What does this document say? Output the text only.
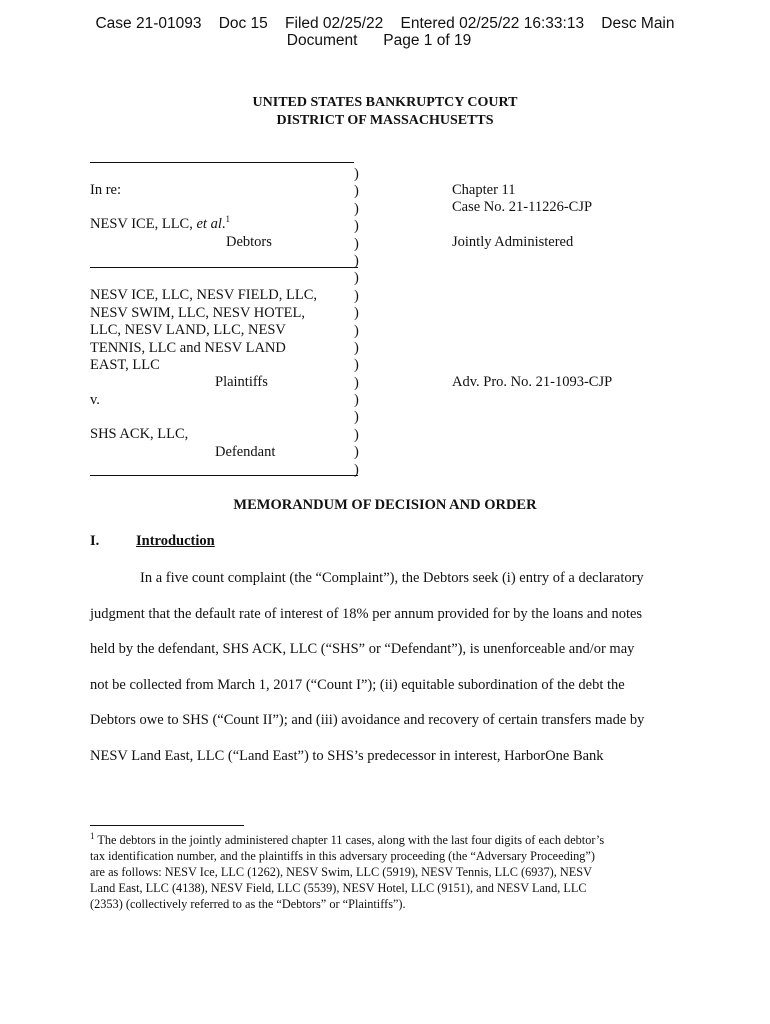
Case 21-01093    Doc 15    Filed 02/25/22    Entered 02/25/22 16:33:13    Desc Main
Document      Page 1 of 19
UNITED STATES BANKRUPTCY COURT
DISTRICT OF MASSACHUSETTS
)
)
)
)
)
)
)
)
)
)
)
)
)
)
)
)
)
)
In re:
NESV ICE, LLC, et al.$^1$
Debtors
Chapter 11
Case No. 21-11226-CJP
Jointly Administered
NESV ICE, LLC, NESV FIELD, LLC,
NESV SWIM, LLC, NESV HOTEL,
LLC, NESV LAND, LLC, NESV
TENNIS, LLC and NESV LAND
EAST, LLC
Plaintiffs	Adv. Pro. No. 21-1093-CJP
v.
SHS ACK, LLC,
Defendant
MEMORANDUM OF DECISION AND ORDER
I.	Introduction
In a five count complaint (the “Complaint”), the Debtors seek (i) entry of a declaratory
judgment that the default rate of interest of 18% per annum provided for by the loans and notes
held by the defendant, SHS ACK, LLC (“SHS” or “Defendant”), is unenforceable and/or may
not be collected from March 1, 2017 (“Count I”); (ii) equitable subordination of the debt the
Debtors owe to SHS (“Count II”); and (iii) avoidance and recovery of certain transfers made by
NESV Land East, LLC (“Land East”) to SHS’s predecessor in interest, HarborOne Bank
$^1$ The debtors in the jointly administered chapter 11 cases, along with the last four digits of each debtor’s
tax identification number, and the plaintiffs in this adversary proceeding (the “Adversary Proceeding”)
are as follows: NESV Ice, LLC (1262), NESV Swim, LLC (5919), NESV Tennis, LLC (6937), NESV
Land East, LLC (4138), NESV Field, LLC (5539), NESV Hotel, LLC (9151), and NESV Land, LLC
(2353) (collectively referred to as the “Debtors” or “Plaintiffs”).
